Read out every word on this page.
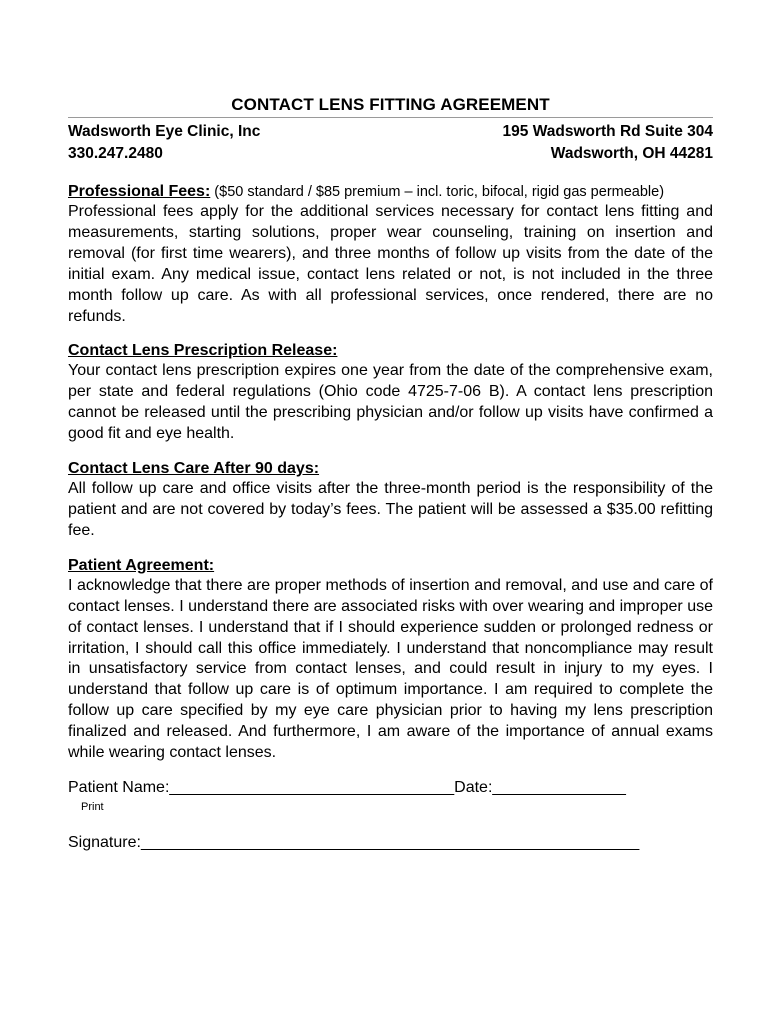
CONTACT LENS FITTING AGREEMENT
Wadsworth Eye Clinic, Inc
330.247.2480
195 Wadsworth Rd Suite 304
Wadsworth, OH 44281
Professional Fees: ($50 standard / $85 premium – incl. toric, bifocal, rigid gas permeable)
Professional fees apply for the additional services necessary for contact lens fitting and measurements, starting solutions, proper wear counseling, training on insertion and removal (for first time wearers), and three months of follow up visits from the date of the initial exam. Any medical issue, contact lens related or not, is not included in the three month follow up care. As with all professional services, once rendered, there are no refunds.
Contact Lens Prescription Release:
Your contact lens prescription expires one year from the date of the comprehensive exam, per state and federal regulations (Ohio code 4725-7-06 B). A contact lens prescription cannot be released until the prescribing physician and/or follow up visits have confirmed a good fit and eye health.
Contact Lens Care After 90 days:
All follow up care and office visits after the three-month period is the responsibility of the patient and are not covered by today’s fees. The patient will be assessed a $35.00 refitting fee.
Patient Agreement:
I acknowledge that there are proper methods of insertion and removal, and use and care of contact lenses. I understand there are associated risks with over wearing and improper use of contact lenses. I understand that if I should experience sudden or prolonged redness or irritation, I should call this office immediately. I understand that noncompliance may result in unsatisfactory service from contact lenses, and could result in injury to my eyes. I understand that follow up care is of optimum importance. I am required to complete the follow up care specified by my eye care physician prior to having my lens prescription finalized and released. And furthermore, I am aware of the importance of annual exams while wearing contact lenses.
Patient Name:________________________________Date:_______________
Print
Signature:________________________________________________________
